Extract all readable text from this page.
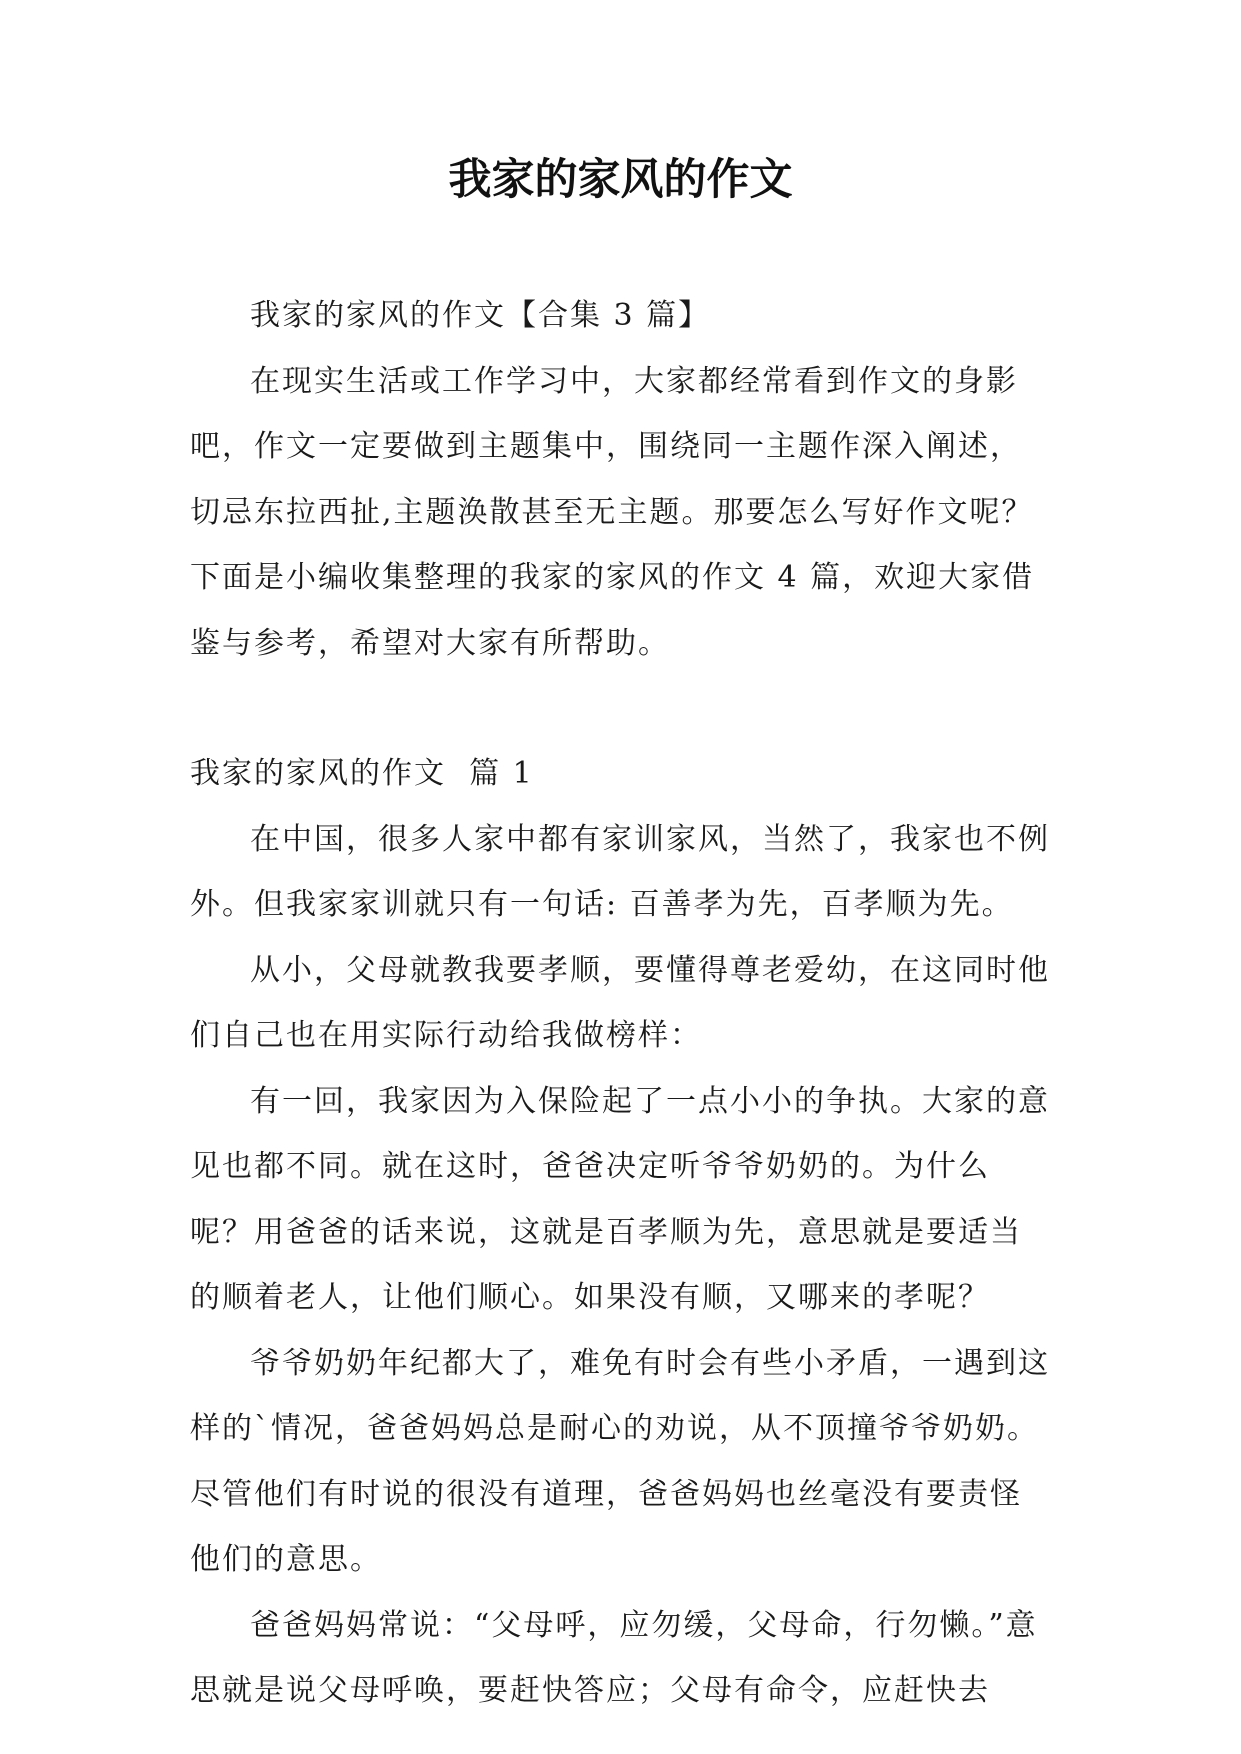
我家的家风的作文

我家的家风的作文【合集 3 篇】

在现实生活或工作学习中，大家都经常看到作文的身影吧，作文一定要做到主题集中，围绕同一主题作深入阐述，切忌东拉西扯,主题涣散甚至无主题。那要怎么写好作文呢？下面是小编收集整理的我家的家风的作文 4 篇，欢迎大家借鉴与参考，希望对大家有所帮助。

我家的家风的作文  篇 1

在中国，很多人家中都有家训家风，当然了，我家也不例外。但我家家训就只有一句话: 百善孝为先，百孝顺为先。

从小，父母就教我要孝顺，要懂得尊老爱幼，在这同时他们自己也在用实际行动给我做榜样：

有一回，我家因为入保险起了一点小小的争执。大家的意见也都不同。就在这时，爸爸决定听爷爷奶奶的。为什么呢？用爸爸的话来说，这就是百孝顺为先，意思就是要适当的顺着老人，让他们顺心。如果没有顺，又哪来的孝呢？

爷爷奶奶年纪都大了，难免有时会有些小矛盾，一遇到这样的`情况，爸爸妈妈总是耐心的劝说，从不顶撞爷爷奶奶。尽管他们有时说的很没有道理，爸爸妈妈也丝毫没有要责怪他们的意思。

爸爸妈妈常说：“父母呼，应勿缓，父母命，行勿懒。”意思就是说父母呼唤，要赶快答应；父母有命令，应赶快去
